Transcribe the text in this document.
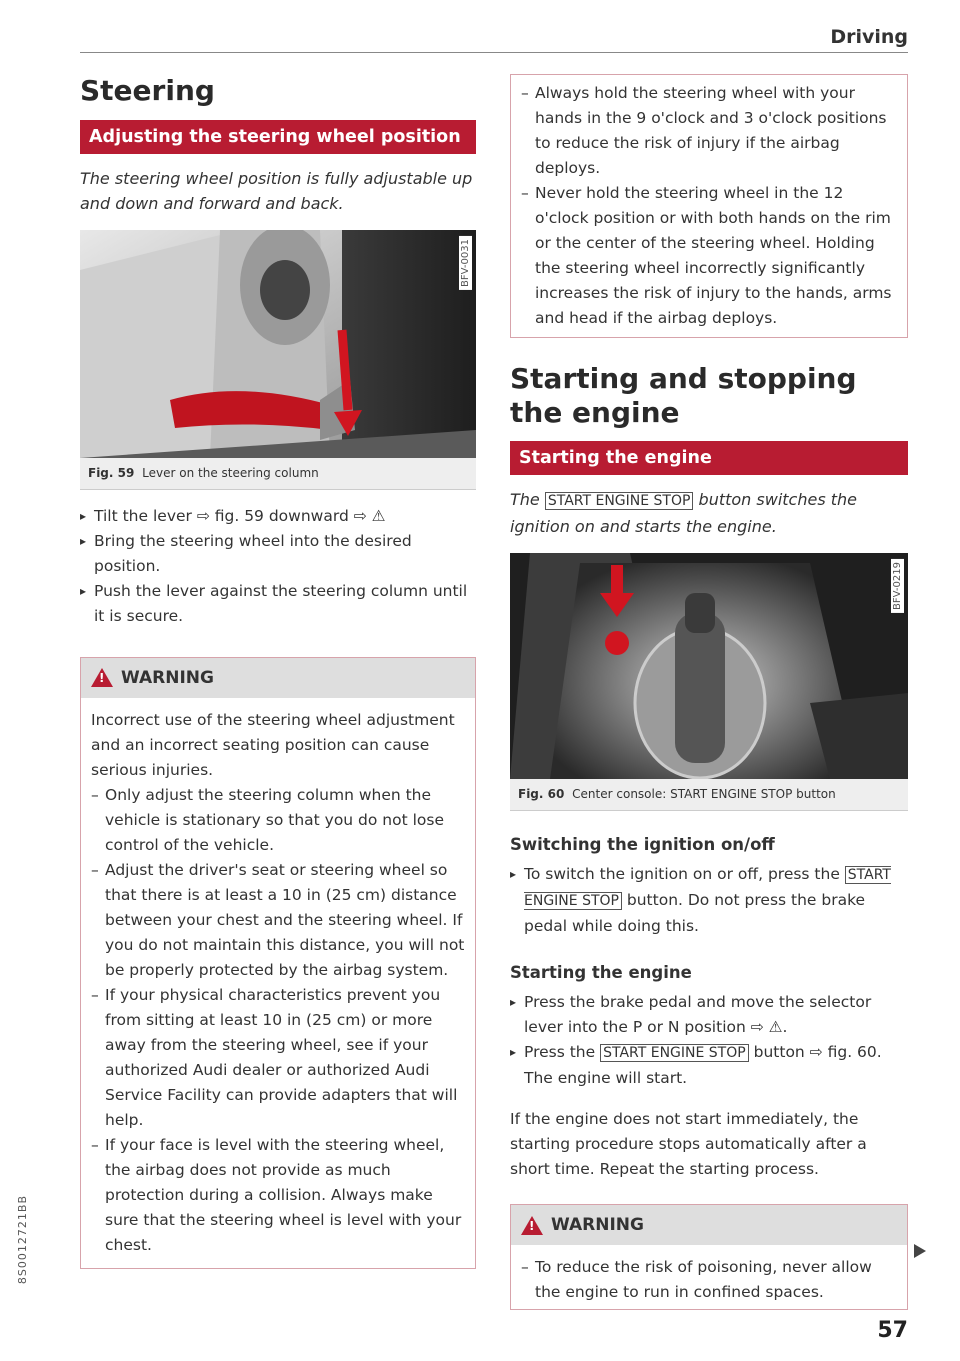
Driving
Steering
Adjusting the steering wheel position
The steering wheel position is fully adjustable up and down and forward and back.
BFV-0031
Fig. 59 Lever on the steering column
▸ Tilt the lever ⇨ fig. 59 downward ⇨ ⚠
▸ Bring the steering wheel into the desired position.
▸ Push the lever against the steering column until it is secure.
!
WARNING
Incorrect use of the steering wheel adjustment and an incorrect seating position can cause serious injuries.
– Only adjust the steering column when the vehicle is stationary so that you do not lose control of the vehicle.
– Adjust the driver's seat or steering wheel so that there is at least a 10 in (25 cm) distance between your chest and the steering wheel. If you do not maintain this distance, you will not be properly protected by the airbag system.
– If your physical characteristics prevent you from sitting at least 10 in (25 cm) or more away from the steering wheel, see if your authorized Audi dealer or authorized Audi Service Facility can provide adapters that will help.
– If your face is level with the steering wheel, the airbag does not provide as much protection during a collision. Always make sure that the steering wheel is level with your chest.
– Always hold the steering wheel with your hands in the 9 o'clock and 3 o'clock positions to reduce the risk of injury if the airbag deploys.
– Never hold the steering wheel in the 12 o'clock position or with both hands on the rim or the center of the steering wheel. Holding the steering wheel incorrectly significantly increases the risk of injury to the hands, arms and head if the airbag deploys.
Starting and stopping the engine
Starting the engine
The START ENGINE STOP button switches the ignition on and starts the engine.
BFV-0219
Fig. 60 Center console: START ENGINE STOP button
Switching the ignition on/off
▸ To switch the ignition on or off, press the START ENGINE STOP button. Do not press the brake pedal while doing this.
Starting the engine
▸ Press the brake pedal and move the selector lever into the P or N position ⇨ ⚠.
▸ Press the START ENGINE STOP button ⇨ fig. 60. The engine will start.
If the engine does not start immediately, the starting procedure stops automatically after a short time. Repeat the starting process.
!
WARNING
– To reduce the risk of poisoning, never allow the engine to run in confined spaces.
57
8S0012721BB
